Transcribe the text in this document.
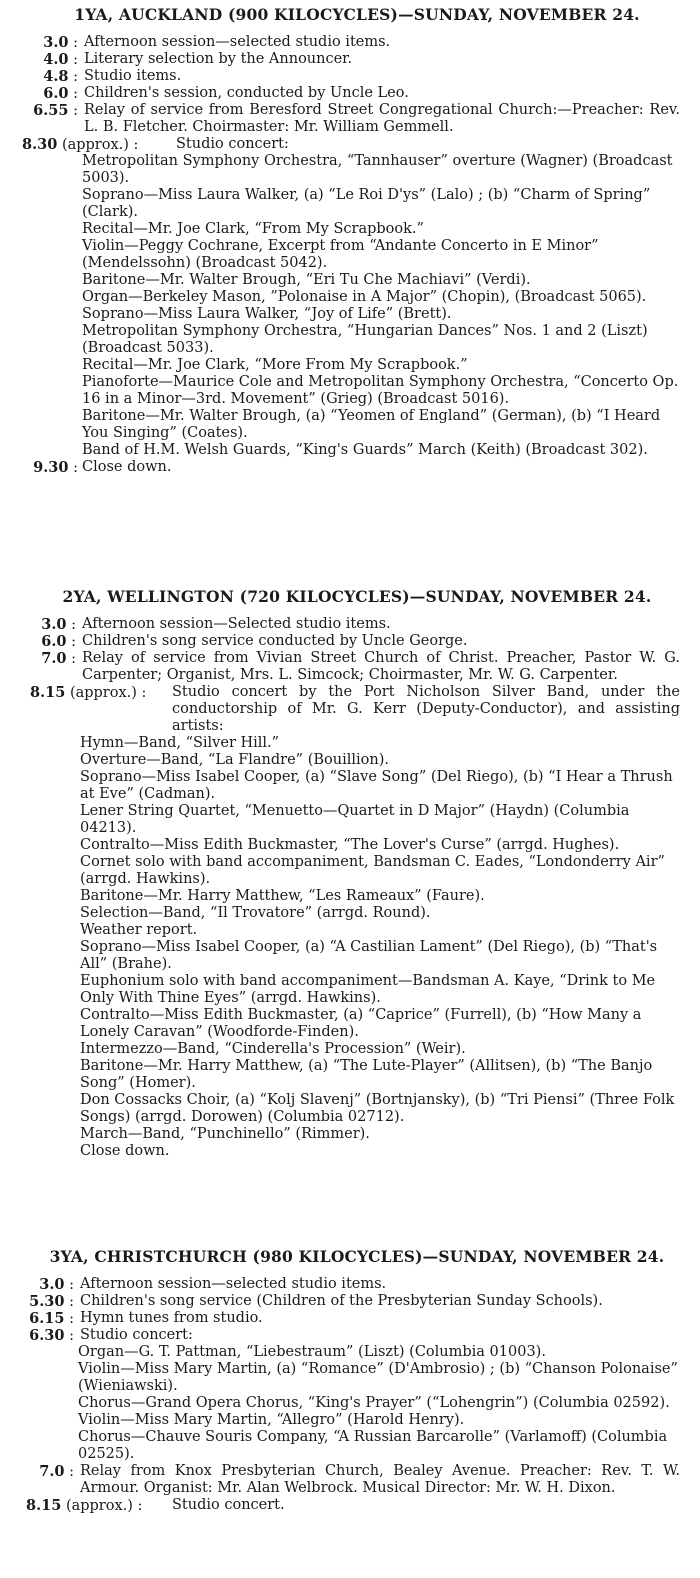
1YA, AUCKLAND (900 KILOCYCLES)—SUNDAY, NOVEMBER 24.
3.0 : Afternoon session—selected studio items.
4.0 : Literary selection by the Announcer.
4.8 : Studio items.
6.0 : Children's session, conducted by Uncle Leo.
6.55 : Relay of service from Beresford Street Congregational Church:—Preacher: Rev. L. B. Fletcher. Choirmaster: Mr. William Gemmell.
8.30 (approx.) :	Studio concert:
Metropolitan Symphony Orchestra, “Tannhauser” overture (Wagner) (Broadcast 5003).
Soprano—Miss Laura Walker, (a) “Le Roi D'ys” (Lalo) ; (b) “Charm of Spring” (Clark).
Recital—Mr. Joe Clark, “From My Scrapbook.”
Violin—Peggy Cochrane, Excerpt from “Andante Concerto in E Minor” (Mendelssohn) (Broadcast 5042).
Baritone—Mr. Walter Brough, “Eri Tu Che Machiavi” (Verdi).
Organ—Berkeley Mason, ”Polonaise in A Major” (Chopin), (Broadcast 5065).
Soprano—Miss Laura Walker, “Joy of Life” (Brett).
Metropolitan Symphony Orchestra, “Hungarian Dances” Nos. 1 and 2 (Liszt) (Broadcast 5033).
Recital—Mr. Joe Clark, “More From My Scrapbook.”
Pianoforte—Maurice Cole and Metropolitan Symphony Orchestra, “Concerto Op. 16 in a Minor—3rd. Movement” (Grieg) (Broadcast 5016).
Baritone—Mr. Walter Brough, (a) “Yeomen of England” (German), (b) “I Heard You Singing” (Coates).
Band of H.M. Welsh Guards, “King's Guards” March (Keith) (Broadcast 302).
9.30 : Close down.
2YA, WELLINGTON (720 KILOCYCLES)—SUNDAY, NOVEMBER 24.
3.0 : Afternoon session—Selected studio items.
6.0 : Children's song service conducted by Uncle George.
7.0 : Relay of service from Vivian Street Church of Christ. Preacher, Pastor W. G. Carpenter; Organist, Mrs. L. Simcock; Choirmaster, Mr. W. G. Carpenter.
8.15 (approx.) :	Studio concert by the Port Nicholson Silver Band, under the conductorship of Mr. G. Kerr (Deputy-Conductor), and assisting artists:
Hymn—Band, “Silver Hill.”
Overture—Band, “La Flandre” (Bouillion).
Soprano—Miss Isabel Cooper, (a) “Slave Song” (Del Riego), (b) “I Hear a Thrush at Eve” (Cadman).
Lener String Quartet, “Menuetto—Quartet in D Major” (Haydn) (Columbia 04213).
Contralto—Miss Edith Buckmaster, “The Lover's Curse” (arrgd. Hughes).
Cornet solo with band accompaniment, Bandsman C. Eades, “Londonderry Air” (arrgd. Hawkins).
Baritone—Mr. Harry Matthew, “Les Rameaux” (Faure).
Selection—Band, “Il Trovatore” (arrgd. Round).
Weather report.
Soprano—Miss Isabel Cooper, (a) “A Castilian Lament” (Del Riego), (b) “That's All” (Brahe).
Euphonium solo with band accompaniment—Bandsman A. Kaye, “Drink to Me Only With Thine Eyes” (arrgd. Hawkins).
Contralto—Miss Edith Buckmaster, (a) “Caprice” (Furrell), (b) “How Many a Lonely Caravan” (Woodforde-Finden).
Intermezzo—Band, “Cinderella's Procession” (Weir).
Baritone—Mr. Harry Matthew, (a) “The Lute-Player” (Allitsen), (b) “The Banjo Song” (Homer).
Don Cossacks Choir, (a) “Kolj Slavenj” (Bortnjansky), (b) “Tri Piensi” (Three Folk Songs) (arrgd. Dorowen) (Columbia 02712).
March—Band, “Punchinello” (Rimmer).
Close down.
3YA, CHRISTCHURCH (980 KILOCYCLES)—SUNDAY, NOVEMBER 24.
3.0 : Afternoon session—selected studio items.
5.30 : Children's song service (Children of the Presbyterian Sunday Schools).
6.15 : Hymn tunes from studio.
6.30 : Studio concert:
Organ—G. T. Pattman, “Liebestraum” (Liszt) (Columbia 01003).
Violin—Miss Mary Martin, (a) “Romance” (D'Ambrosio) ; (b) “Chanson Polonaise” (Wieniawski).
Chorus—Grand Opera Chorus, “King's Prayer” (“Lohengrin”) (Columbia 02592).
Violin—Miss Mary Martin, “Allegro” (Harold Henry).
Chorus—Chauve Souris Company, “A Russian Barcarolle” (Varlamoff) (Columbia 02525).
7.0 : Relay from Knox Presbyterian Church, Bealey Avenue. Preacher: Rev. T. W. Armour. Organist: Mr. Alan Welbrock. Musical Director: Mr. W. H. Dixon.
8.15 (approx.) :	Studio concert.
